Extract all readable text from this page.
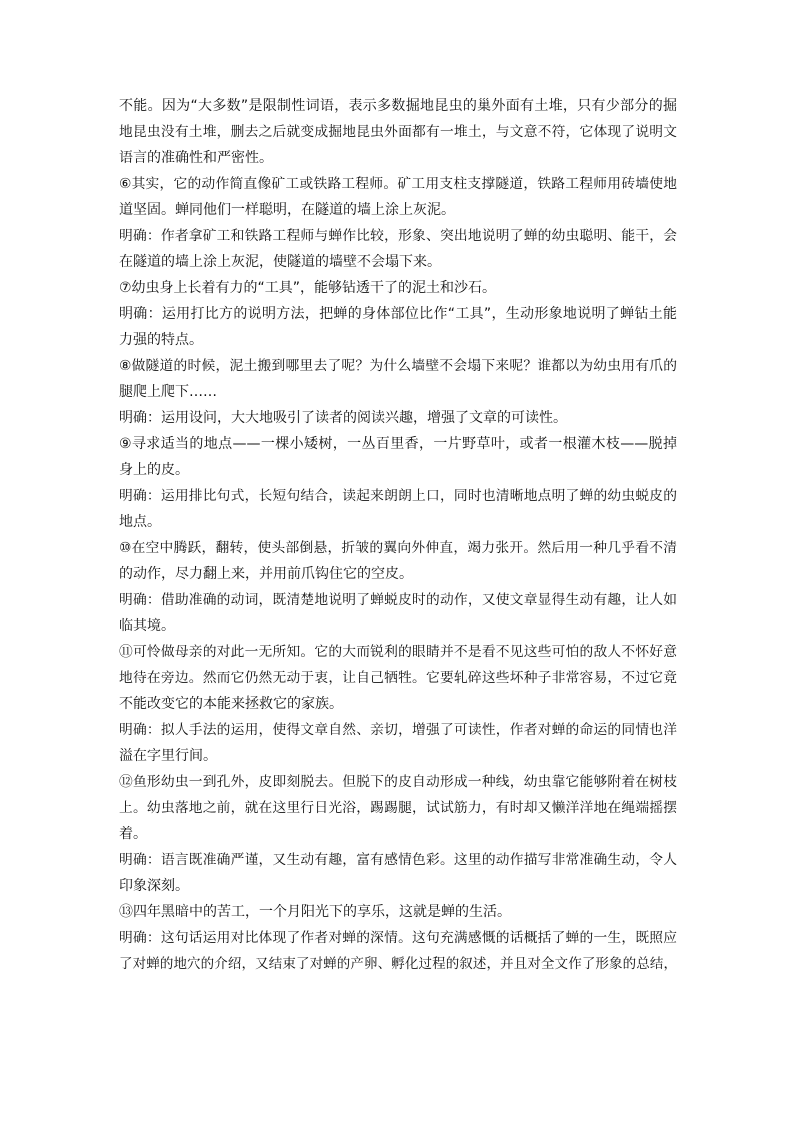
不能。因为“大多数”是限制性词语，表示多数掘地昆虫的巢外面有土堆，只有少部分的掘
地昆虫没有土堆，删去之后就变成掘地昆虫外面都有一堆土，与文意不符，它体现了说明文
语言的准确性和严密性。
⑥其实，它的动作简直像矿工或铁路工程师。矿工用支柱支撑隧道，铁路工程师用砖墙使地
道坚固。蝉同他们一样聪明，在隧道的墙上涂上灰泥。
明确：作者拿矿工和铁路工程师与蝉作比较，形象、突出地说明了蝉的幼虫聪明、能干，会
在隧道的墙上涂上灰泥，使隧道的墙壁不会塌下来。
⑦幼虫身上长着有力的“工具”，能够钻透干了的泥土和沙石。
明确：运用打比方的说明方法，把蝉的身体部位比作“工具”，生动形象地说明了蝉钻土能
力强的特点。
⑧做隧道的时候，泥土搬到哪里去了呢？为什么墙壁不会塌下来呢？谁都以为幼虫用有爪的
腿爬上爬下……
明确：运用设问，大大地吸引了读者的阅读兴趣，增强了文章的可读性。
⑨寻求适当的地点——一棵小矮树，一丛百里香，一片野草叶，或者一根灌木枝——脱掉
身上的皮。
明确：运用排比句式，长短句结合，读起来朗朗上口，同时也清晰地点明了蝉的幼虫蜕皮的
地点。
⑩在空中腾跃，翻转，使头部倒悬，折皱的翼向外伸直，竭力张开。然后用一种几乎看不清
的动作，尽力翻上来，并用前爪钩住它的空皮。
明确：借助准确的动词，既清楚地说明了蝉蜕皮时的动作，又使文章显得生动有趣，让人如
临其境。
⑪可怜做母亲的对此一无所知。它的大而锐利的眼睛并不是看不见这些可怕的敌人不怀好意
地待在旁边。然而它仍然无动于衷，让自己牺牲。它要轧碎这些坏种子非常容易，不过它竟
不能改变它的本能来拯救它的家族。
明确：拟人手法的运用，使得文章自然、亲切，增强了可读性，作者对蝉的命运的同情也洋
溢在字里行间。
⑫鱼形幼虫一到孔外，皮即刻脱去。但脱下的皮自动形成一种线，幼虫靠它能够附着在树枝
上。幼虫落地之前，就在这里行日光浴，踢踢腿，试试筋力，有时却又懒洋洋地在绳端摇摆
着。
明确：语言既准确严谨，又生动有趣，富有感情色彩。这里的动作描写非常准确生动，令人
印象深刻。
⑬四年黑暗中的苦工，一个月阳光下的享乐，这就是蝉的生活。
明确：这句话运用对比体现了作者对蝉的深情。这句充满感慨的话概括了蝉的一生，既照应
了对蝉的地穴的介绍，又结束了对蝉的产卵、孵化过程的叙述，并且对全文作了形象的总结，
